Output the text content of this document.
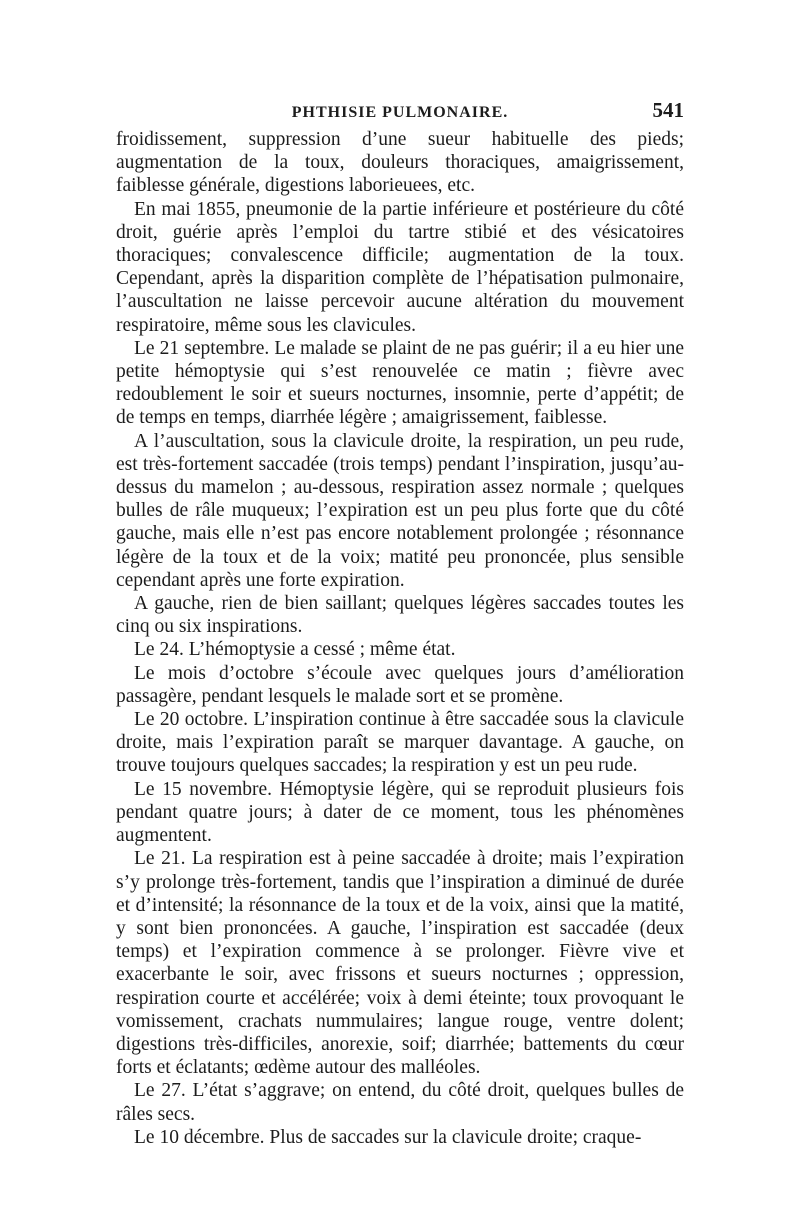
PHTHISIE PULMONAIRE.	541

froidissement, suppression d’une sueur habituelle des pieds; augmentation de la toux, douleurs thoraciques, amaigrissement, faiblesse générale, digestions laborieuees, etc.

En mai 1855, pneumonie de la partie inférieure et postérieure du côté droit, guérie après l’emploi du tartre stibié et des vésicatoires thoraciques; convalescence difficile; augmentation de la toux. Cependant, après la disparition complète de l’hépatisation pulmonaire, l’auscultation ne laisse percevoir aucune altération du mouvement respiratoire, même sous les clavicules.

Le 21 septembre. Le malade se plaint de ne pas guérir; il a eu hier une petite hémoptysie qui s’est renouvelée ce matin ; fièvre avec redoublement le soir et sueurs nocturnes, insomnie, perte d’appétit; de de temps en temps, diarrhée légère ; amaigrissement, faiblesse.

A l’auscultation, sous la clavicule droite, la respiration, un peu rude, est très-fortement saccadée (trois temps) pendant l’inspiration, jusqu’au-dessus du mamelon ; au-dessous, respiration assez normale ; quelques bulles de râle muqueux; l’expiration est un peu plus forte que du côté gauche, mais elle n’est pas encore notablement prolongée ; résonnance légère de la toux et de la voix; matité peu prononcée, plus sensible cependant après une forte expiration.

A gauche, rien de bien saillant; quelques légères saccades toutes les cinq ou six inspirations.

Le 24. L’hémoptysie a cessé ; même état.

Le mois d’octobre s’écoule avec quelques jours d’amélioration passagère, pendant lesquels le malade sort et se promène.

Le 20 octobre. L’inspiration continue à être saccadée sous la clavicule droite, mais l’expiration paraît se marquer davantage. A gauche, on trouve toujours quelques saccades; la respiration y est un peu rude.

Le 15 novembre. Hémoptysie légère, qui se reproduit plusieurs fois pendant quatre jours; à dater de ce moment, tous les phénomènes augmentent.

Le 21. La respiration est à peine saccadée à droite; mais l’expiration s’y prolonge très-fortement, tandis que l’inspiration a diminué de durée et d’intensité; la résonnance de la toux et de la voix, ainsi que la matité, y sont bien prononcées. A gauche, l’inspiration est saccadée (deux temps) et l’expiration commence à se prolonger. Fièvre vive et exacerbante le soir, avec frissons et sueurs nocturnes ; oppression, respiration courte et accélérée; voix à demi éteinte; toux provoquant le vomissement, crachats nummulaires; langue rouge, ventre dolent; digestions très-difficiles, anorexie, soif; diarrhée; battements du cœur forts et éclatants; œdème autour des malléoles.

Le 27. L’état s’aggrave; on entend, du côté droit, quelques bulles de râles secs.

Le 10 décembre. Plus de saccades sur la clavicule droite; craque-
